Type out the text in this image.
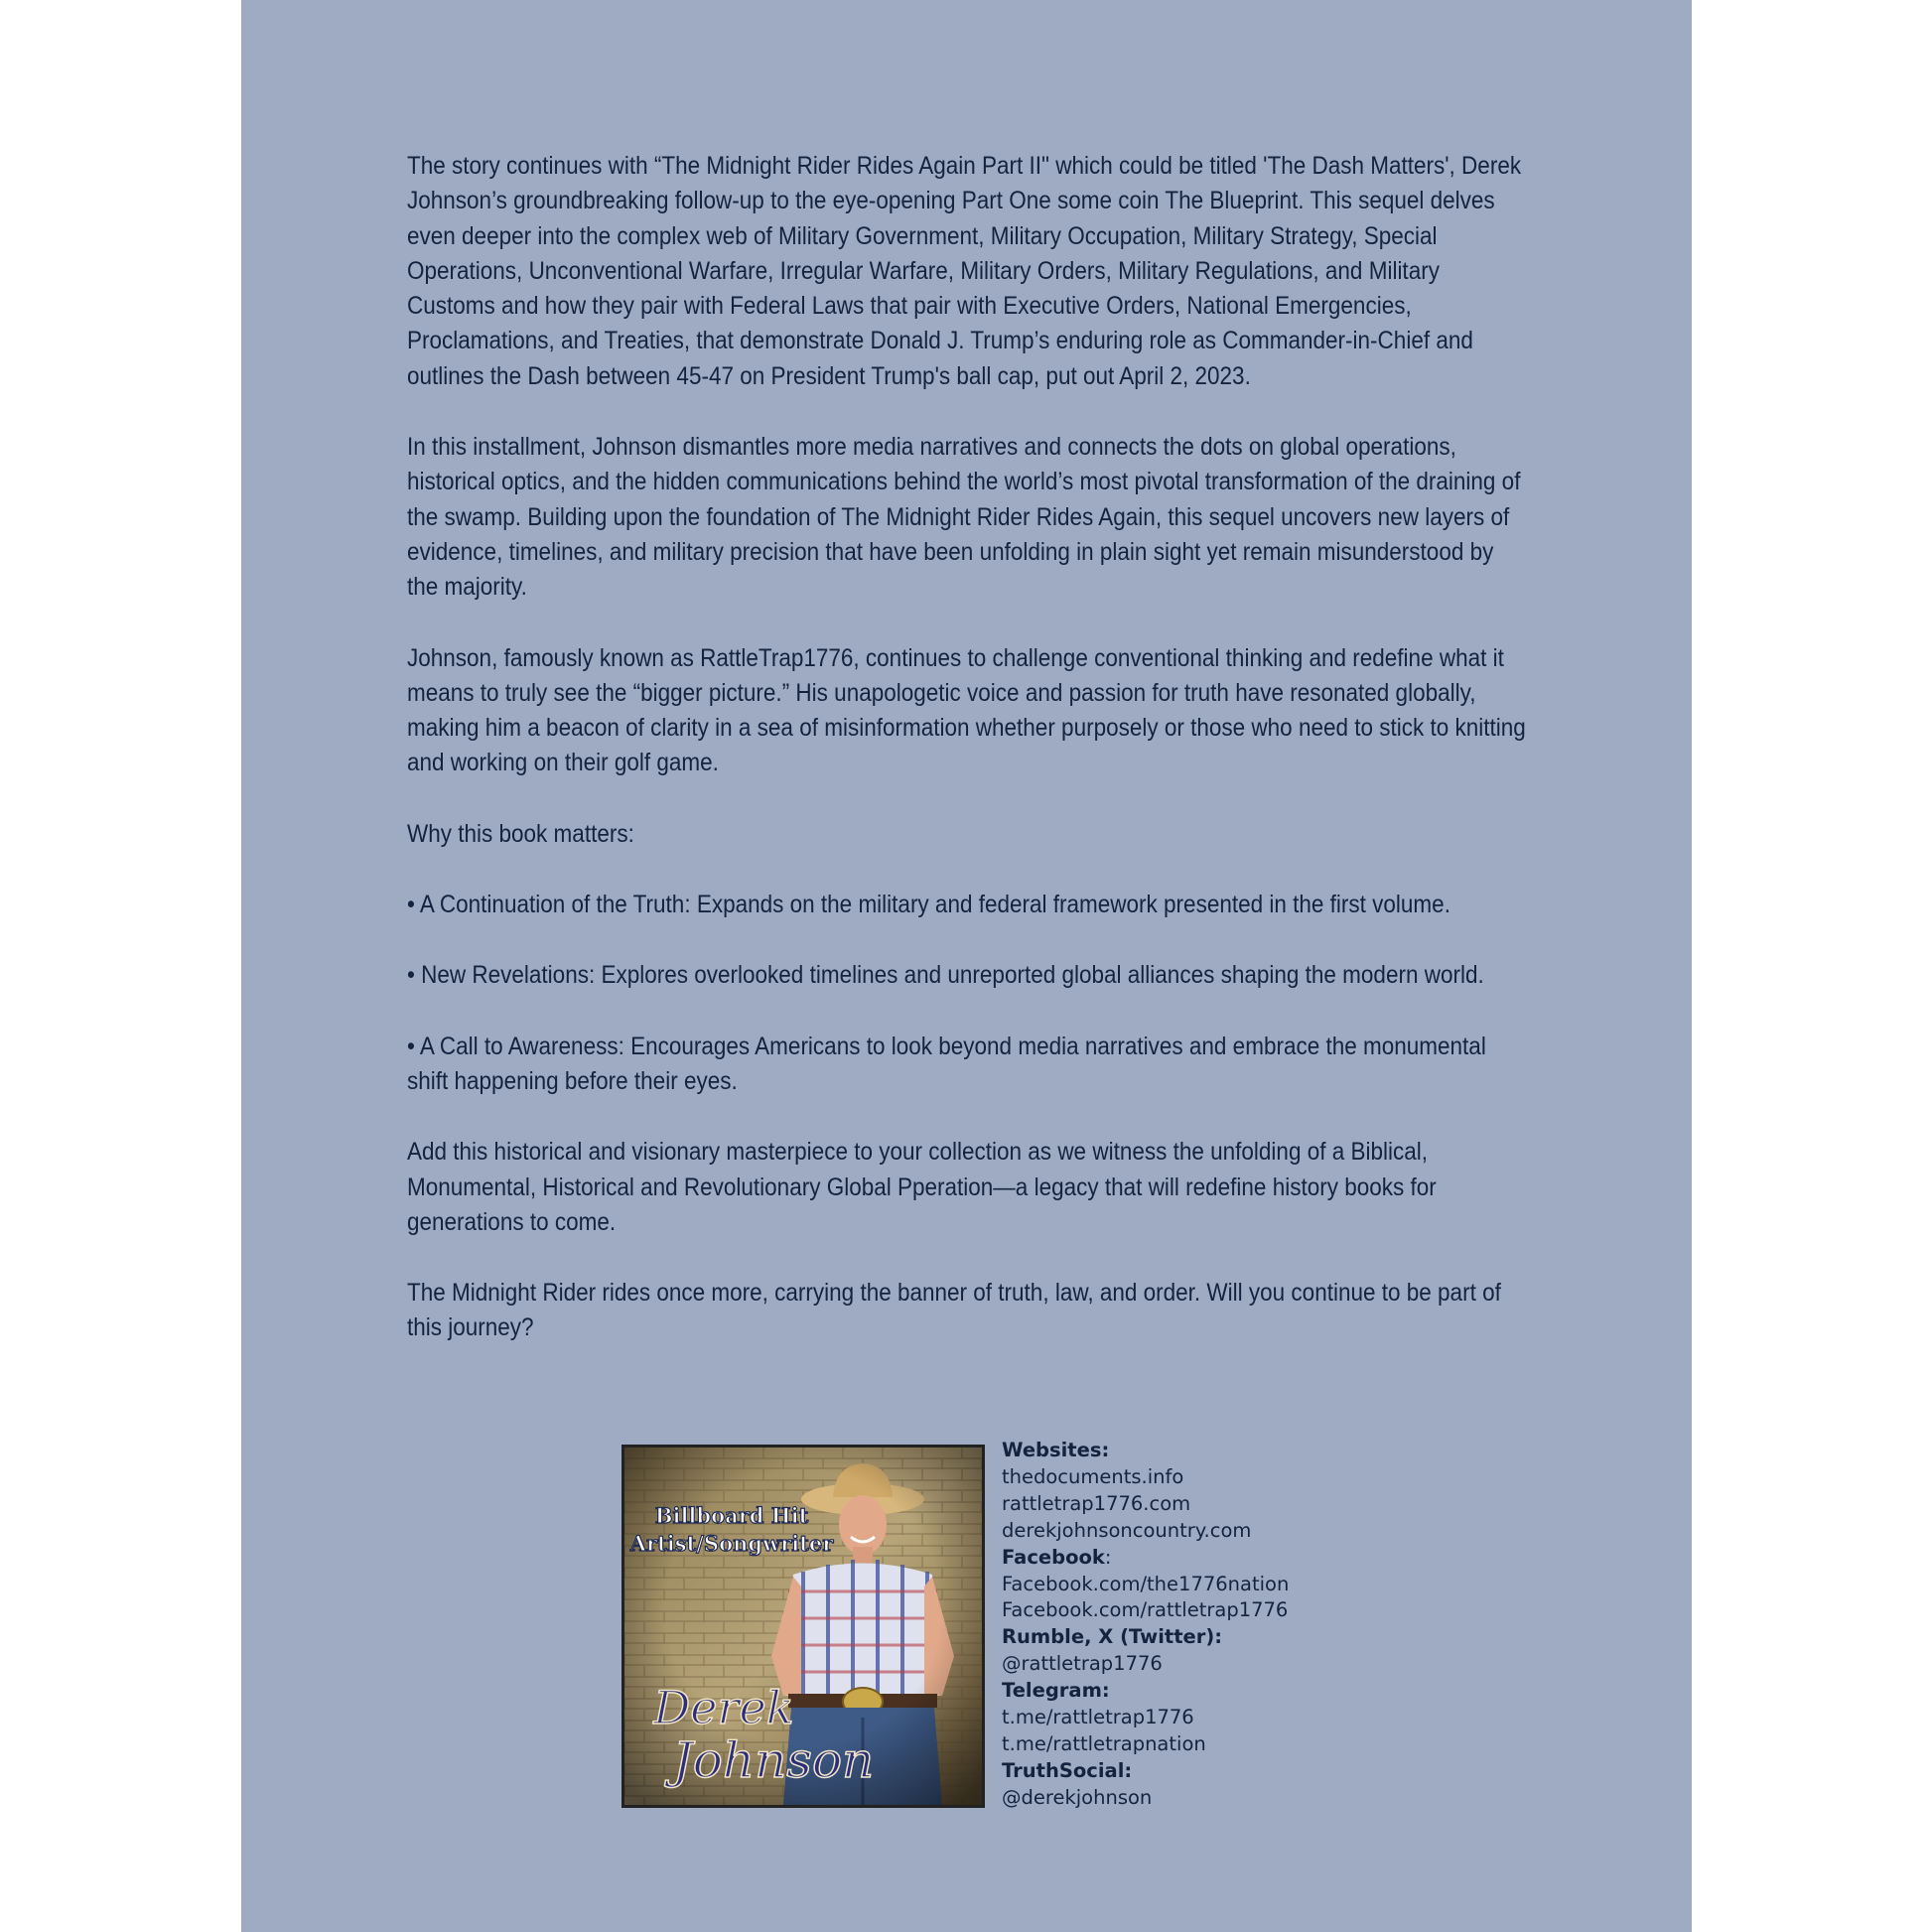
The story continues with “The Midnight Rider Rides Again Part II" which could be titled 'The Dash Matters', Derek Johnson’s groundbreaking follow-up to the eye-opening Part One some coin The Blueprint. This sequel delves even deeper into the complex web of Military Government, Military Occupation, Military Strategy, Special Operations, Unconventional Warfare, Irregular Warfare, Military Orders, Military Regulations, and Military Customs and how they pair with Federal Laws that pair with Executive Orders, National Emergencies, Proclamations, and Treaties, that demonstrate Donald J. Trump’s enduring role as Commander-in-Chief and outlines the Dash between 45-47 on President Trump's ball cap, put out April 2, 2023.

In this installment, Johnson dismantles more media narratives and connects the dots on global operations, historical optics, and the hidden communications behind the world’s most pivotal transformation of the draining of the swamp. Building upon the foundation of The Midnight Rider Rides Again, this sequel uncovers new layers of evidence, timelines, and military precision that have been unfolding in plain sight yet remain misunderstood by the majority.

Johnson, famously known as RattleTrap1776, continues to challenge conventional thinking and redefine what it means to truly see the “bigger picture.” His unapologetic voice and passion for truth have resonated globally, making him a beacon of clarity in a sea of misinformation whether purposely or those who need to stick to knitting and working on their golf game.

Why this book matters:

• A Continuation of the Truth: Expands on the military and federal framework presented in the first volume.

• New Revelations: Explores overlooked timelines and unreported global alliances shaping the modern world.

• A Call to Awareness: Encourages Americans to look beyond media narratives and embrace the monumental shift happening before their eyes.

Add this historical and visionary masterpiece to your collection as we witness the unfolding of a Biblical, Monumental, Historical and Revolutionary Global Pperation—a legacy that will redefine history books for generations to come.

The Midnight Rider rides once more, carrying the banner of truth, law, and order. Will you continue to be part of this journey?

Billboard Hit
Artist/Songwriter
Derek
Johnson
Websites:
thedocuments.info
rattletrap1776.com
derekjohnsoncountry.com
Facebook:
Facebook.com/the1776nation
Facebook.com/rattletrap1776
Rumble, X (Twitter):
@rattletrap1776
Telegram:
t.me/rattletrap1776
t.me/rattletrapnation
TruthSocial:
@derekjohnson
